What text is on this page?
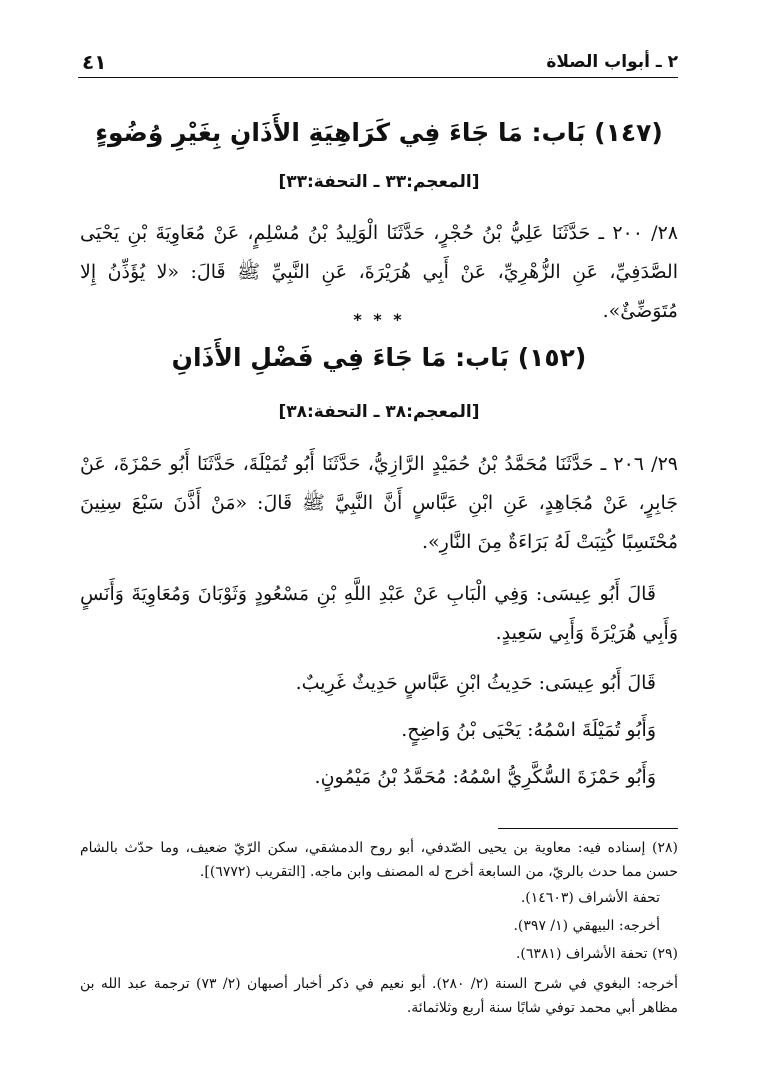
٢ ـ أبواب الصلاة
٤١
(١٤٧) بَاب: مَا جَاءَ فِي كَرَاهِيَةِ الأَذَانِ بِغَيْرِ وُضُوءٍ
[المعجم:٣٣ ـ التحفة:٣٣]
٢٨/ ٢٠٠ ـ حَدَّثَنَا عَلِيُّ بْنُ حُجْرٍ، حَدَّثَنَا الْوَلِيدُ بْنُ مُسْلِمٍ، عَنْ مُعَاوِيَةَ بْنِ يَحْيَى الصَّدَفِيِّ، عَنِ الزُّهْرِيِّ، عَنْ أَبِي هُرَيْرَةَ، عَنِ النَّبِيِّ ﷺ قَالَ: «لا يُؤَذِّنُ إِلا مُتَوَضِّئٌ».
* * *
(١٥٢) بَاب: مَا جَاءَ فِي فَضْلِ الأَذَانِ
[المعجم:٣٨ ـ التحفة:٣٨]
٢٩/ ٢٠٦ ـ حَدَّثَنَا مُحَمَّدُ بْنُ حُمَيْدٍ الرَّازِيُّ، حَدَّثَنَا أَبُو تُمَيْلَةَ، حَدَّثَنَا أَبُو حَمْزَةَ، عَنْ جَابِرٍ، عَنْ مُجَاهِدٍ، عَنِ ابْنِ عَبَّاسٍ أَنَّ النَّبِيَّ ﷺ قَالَ: «مَنْ أَذَّنَ سَبْعَ سِنِينَ مُحْتَسِبًا كُتِبَتْ لَهُ بَرَاءَةٌ مِنَ النَّارِ».
قَالَ أَبُو عِيسَى: وَفِي الْبَابِ عَنْ عَبْدِ اللَّهِ بْنِ مَسْعُودٍ وَثَوْبَانَ وَمُعَاوِيَةَ وَأَنَسٍ وَأَبِي هُرَيْرَةَ وَأَبِي سَعِيدٍ.
قَالَ أَبُو عِيسَى: حَدِيثُ ابْنِ عَبَّاسٍ حَدِيثٌ غَرِيبٌ.
وَأَبُو تُمَيْلَةَ اسْمُهُ: يَحْيَى بْنُ وَاضِحٍ.
وَأَبُو حَمْزَةَ السُّكَّرِيُّ اسْمُهُ: مُحَمَّدُ بْنُ مَيْمُونٍ.
(٢٨) إسناده فيه: معاوية بن يحيى الصّدفي، أبو روح الدمشقي، سكن الرّيّ ضعيف، وما حدّث بالشام حسن مما حدث بالريّ، من السابعة أخرج له المصنف وابن ماجه. [التقريب (٦٧٧٢)].
تحفة الأشراف (١٤٦٠٣).
أخرجه: البيهقي (١/ ٣٩٧).
(٢٩) تحفة الأشراف (٦٣٨١).
أخرجه: البغوي في شرح السنة (٢/ ٢٨٠). أبو نعيم في ذكر أخبار أصبهان (٢/ ٧٣) ترجمة عبد الله بن مظاهر أبي محمد توفي شابًا سنة أربع وثلاثمائة.
